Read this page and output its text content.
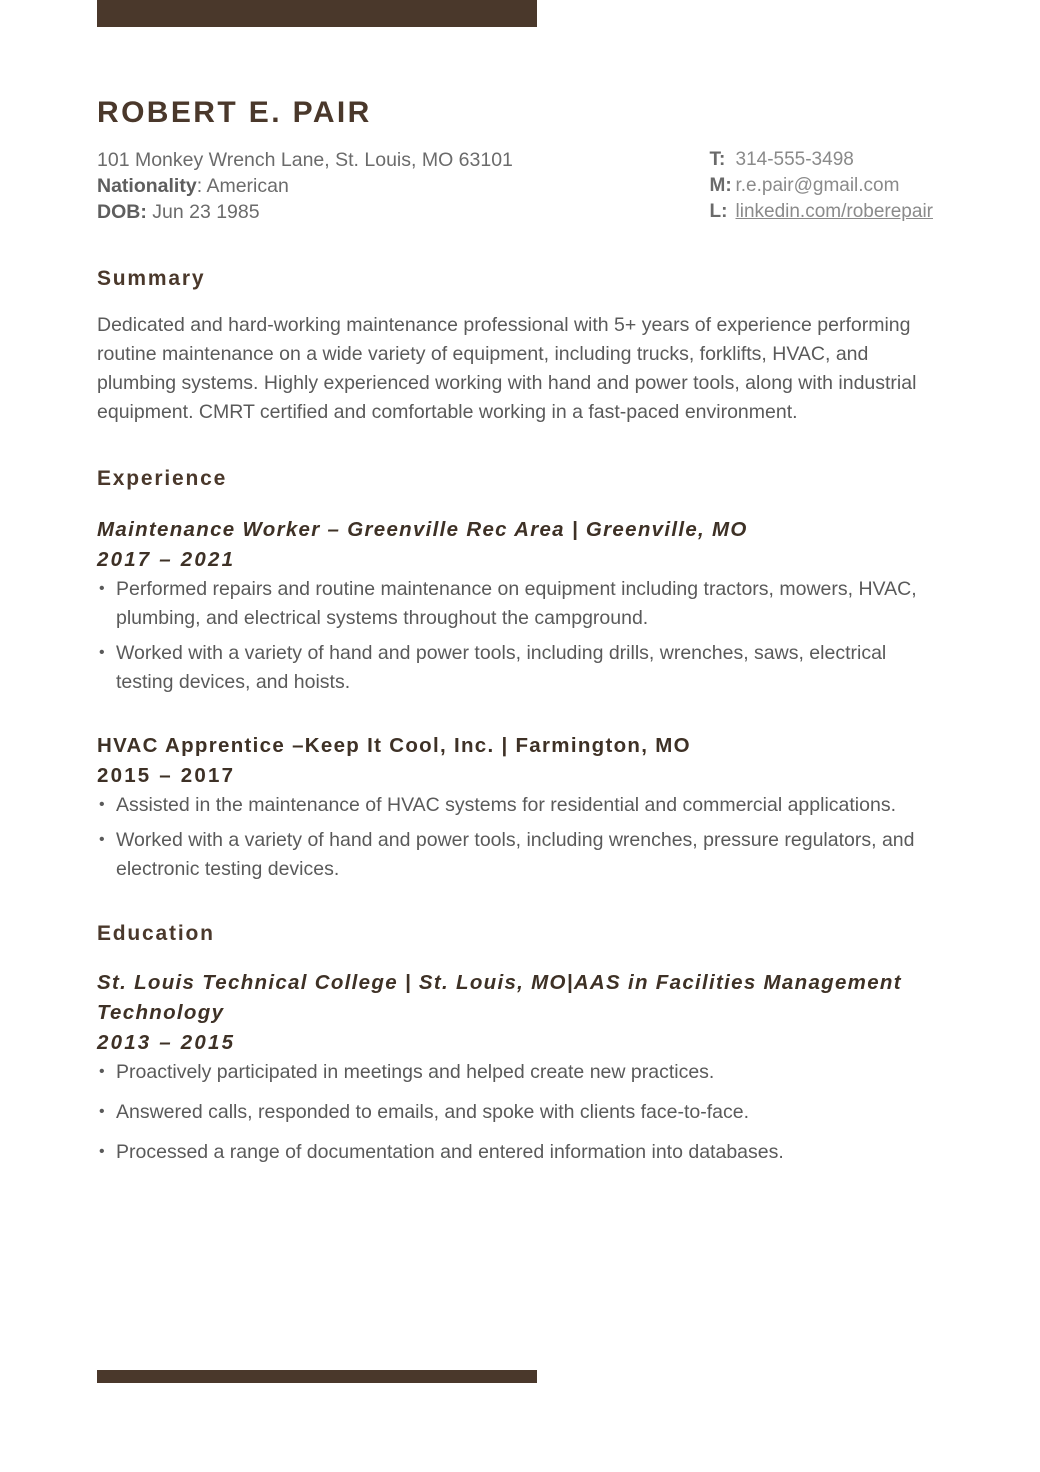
ROBERT E. PAIR
101 Monkey Wrench Lane, St. Louis, MO 63101
Nationality: American
DOB: Jun 23 1985
T: 314-555-3498
M: r.e.pair@gmail.com
L: linkedin.com/roberepair
Summary
Dedicated and hard-working maintenance professional with 5+ years of experience performing routine maintenance on a wide variety of equipment, including trucks, forklifts, HVAC, and plumbing systems. Highly experienced working with hand and power tools, along with industrial equipment. CMRT certified and comfortable working in a fast-paced environment.
Experience
Maintenance Worker – Greenville Rec Area | Greenville, MO
2017 – 2021
• Performed repairs and routine maintenance on equipment including tractors, mowers, HVAC, plumbing, and electrical systems throughout the campground.
• Worked with a variety of hand and power tools, including drills, wrenches, saws, electrical testing devices, and hoists.
HVAC Apprentice –Keep It Cool, Inc. | Farmington, MO
2015 – 2017
• Assisted in the maintenance of HVAC systems for residential and commercial applications.
• Worked with a variety of hand and power tools, including wrenches, pressure regulators, and electronic testing devices.
Education
St. Louis Technical College | St. Louis, MO|AAS in Facilities Management Technology
2013 – 2015
• Proactively participated in meetings and helped create new practices.
• Answered calls, responded to emails, and spoke with clients face-to-face.
• Processed a range of documentation and entered information into databases.
